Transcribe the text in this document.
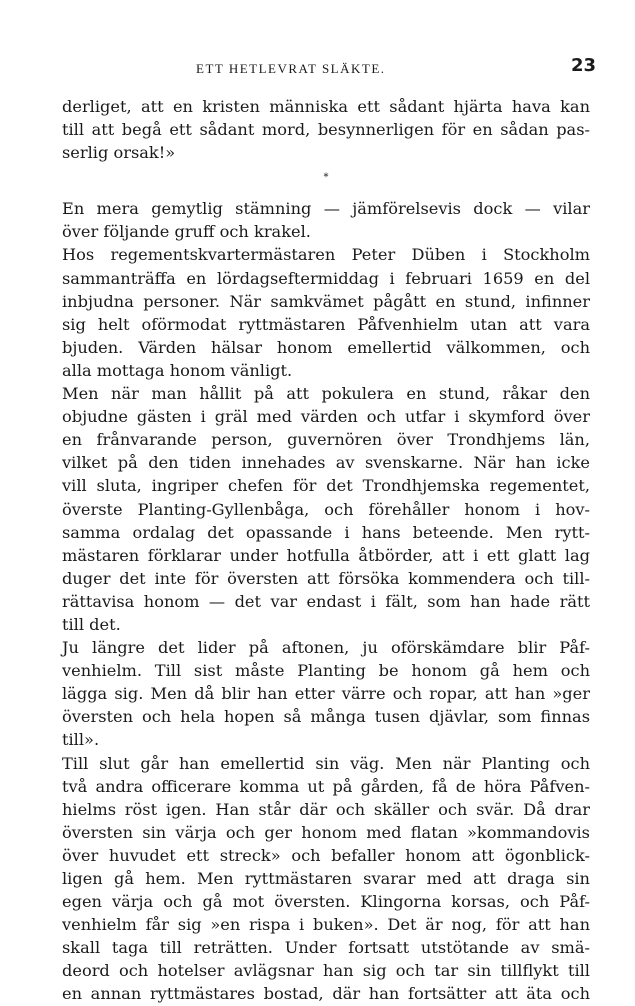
ETT HETLEVRAT SLÄKTE.	23

derliget, att en kristen människa ett sådant hjärta hava kan
till att begå ett sådant mord, besynnerligen för en sådan pas-
serlig orsak!»

*

En mera gemytlig stämning — jämförelsevis dock — vilar
över följande gruff och krakel.

Hos regementskvartermästaren Peter Düben i Stockholm
sammanträffa en lördagseftermiddag i februari 1659 en del
inbjudna personer. När samkvämet pågått en stund, infinner
sig helt oförmodat ryttmästaren Påfvenhielm utan att vara
bjuden. Värden hälsar honom emellertid välkommen, och
alla mottaga honom vänligt.

Men när man hållit på att pokulera en stund, råkar den
objudne gästen i gräl med värden och utfar i skymford över
en frånvarande person, guvernören över Trondhjems län,
vilket på den tiden innehades av svenskarne. När han icke
vill sluta, ingriper chefen för det Trondhjemska regementet,
överste Planting-Gyllenbåga, och förehåller honom i hov-
samma ordalag det opassande i hans beteende. Men rytt-
mästaren förklarar under hotfulla åtbörder, att i ett glatt lag
duger det inte för översten att försöka kommendera och till-
rättavisa honom — det var endast i fält, som han hade rätt
till det.

Ju längre det lider på aftonen, ju oförskämdare blir Påf-
venhielm. Till sist måste Planting be honom gå hem och
lägga sig. Men då blir han etter värre och ropar, att han »ger
översten och hela hopen så många tusen djävlar, som finnas
till».

Till slut går han emellertid sin väg. Men när Planting och
två andra officerare komma ut på gården, få de höra Påfven-
hielms röst igen. Han står där och skäller och svär. Då drar
översten sin värja och ger honom med flatan »kommandovis
över huvudet ett streck» och befaller honom att ögonblick-
ligen gå hem. Men ryttmästaren svarar med att draga sin
egen värja och gå mot översten. Klingorna korsas, och Påf-
venhielm får sig »en rispa i buken». Det är nog, för att han
skall taga till reträtten. Under fortsatt utstötande av smä-
deord och hotelser avlägsnar han sig och tar sin tillflykt till
en annan ryttmästares bostad, där han fortsätter att äta och
